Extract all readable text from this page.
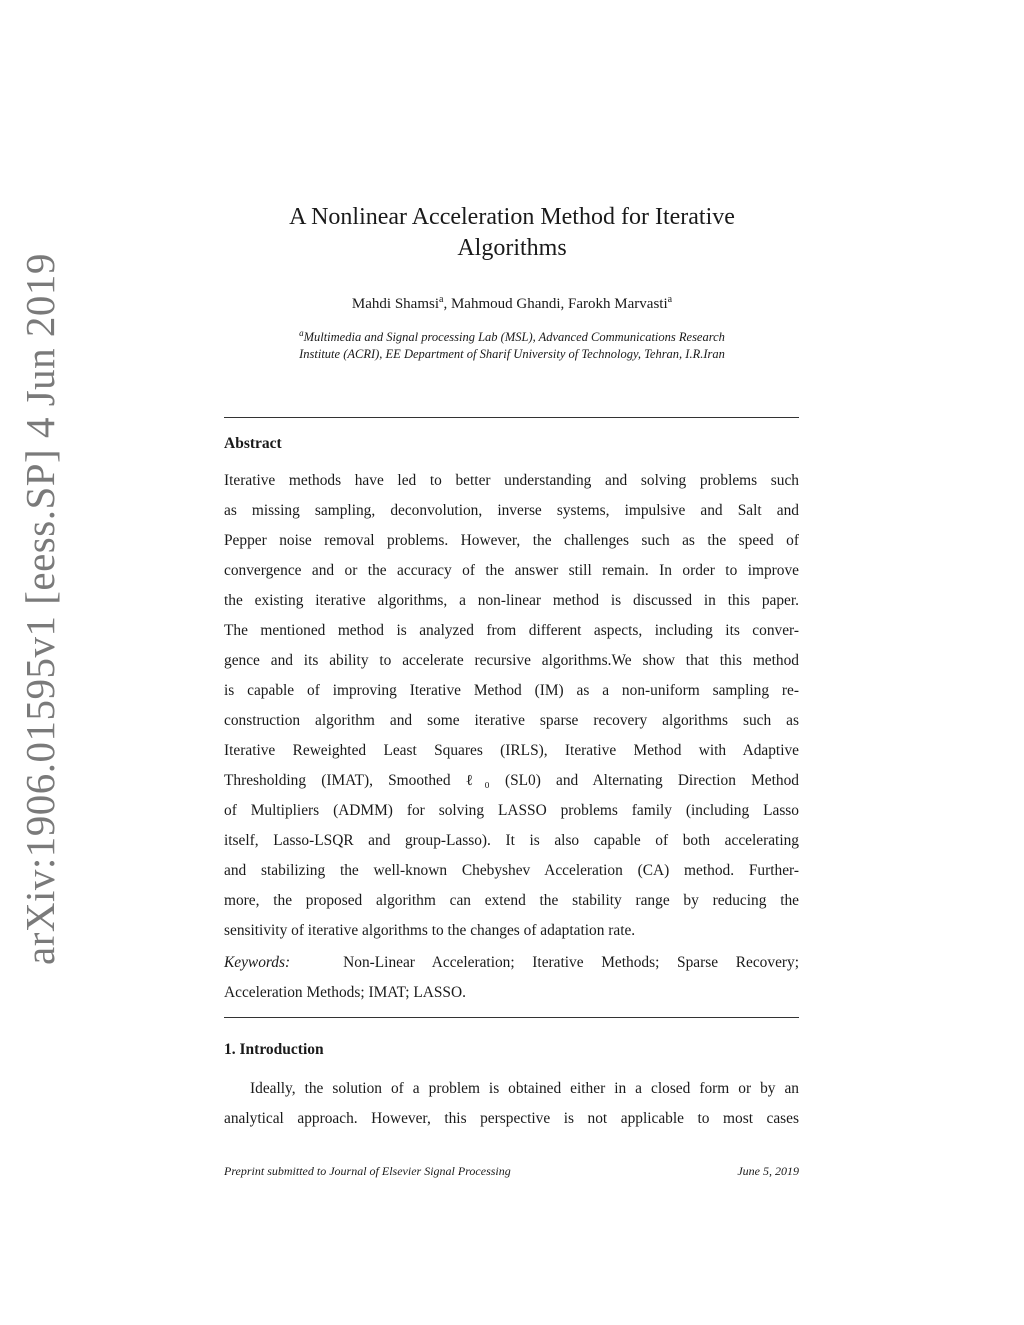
arXiv:1906.01595v1 [eess.SP] 4 Jun 2019
A Nonlinear Acceleration Method for Iterative
Algorithms
Mahdi Shamsi$^a$, Mahmoud Ghandi, Farokh Marvasti$^a$
$^a$Multimedia and Signal processing Lab (MSL), Advanced Communications Research
Institute (ACRI), EE Department of Sharif University of Technology, Tehran, I.R.Iran
Abstract
Iterative methods have led to better understanding and solving problems such
as missing sampling, deconvolution, inverse systems, impulsive and Salt and
Pepper noise removal problems. However, the challenges such as the speed of
convergence and or the accuracy of the answer still remain. In order to improve
the existing iterative algorithms, a non-linear method is discussed in this paper.
The mentioned method is analyzed from different aspects, including its conver-
gence and its ability to accelerate recursive algorithms.We show that this method
is capable of improving Iterative Method (IM) as a non-uniform sampling re-
construction algorithm and some iterative sparse recovery algorithms such as
Iterative Reweighted Least Squares (IRLS), Iterative Method with Adaptive
Thresholding (IMAT), Smoothed ℓ₀ (SL0) and Alternating Direction Method
of Multipliers (ADMM) for solving LASSO problems family (including Lasso
itself, Lasso-LSQR and group-Lasso). It is also capable of both accelerating
and stabilizing the well-known Chebyshev Acceleration (CA) method. Further-
more, the proposed algorithm can extend the stability range by reducing the
sensitivity of iterative algorithms to the changes of adaptation rate.
Keywords:	Non-Linear Acceleration; Iterative Methods; Sparse Recovery;
Acceleration Methods; IMAT; LASSO.
1. Introduction
Ideally, the solution of a problem is obtained either in a closed form or by an
analytical approach. However, this perspective is not applicable to most cases
Preprint submitted to Journal of Elsevier Signal Processing	June 5, 2019
